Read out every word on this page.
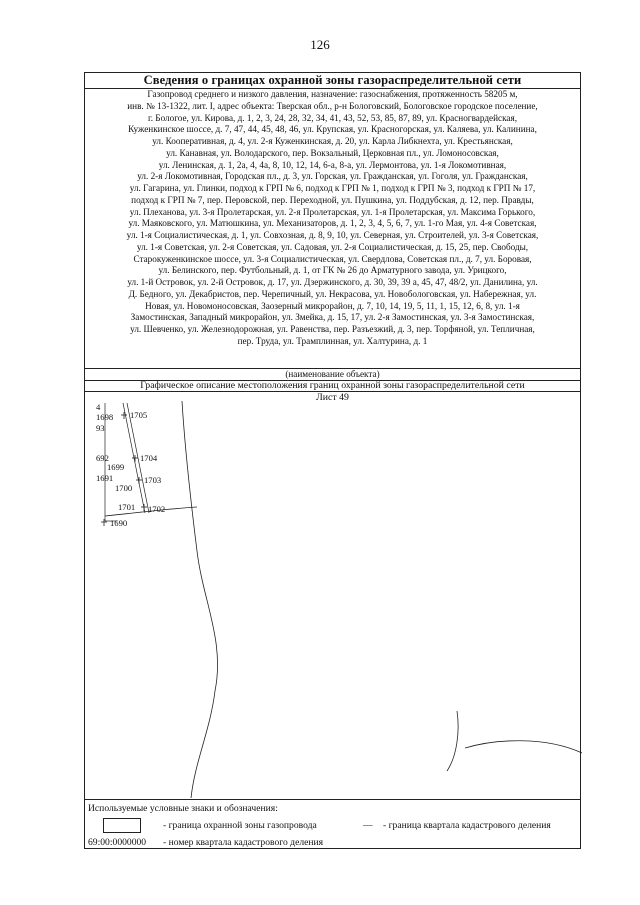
126
Сведения о границах охранной зоны газораспределительной сети
Газопровод среднего и низкого давления, назначение: газоснабжения, протяженность 58205 м,
инв. № 13-1322, лит. I, адрес объекта: Тверская обл., р-н Бологовский, Бологовское городское поселение,
г. Бологое, ул. Кирова, д. 1, 2, 3, 24, 28, 32, 34, 41, 43, 52, 53, 85, 87, 89, ул. Красногвардейская,
Куженкинское шоссе, д. 7, 47, 44, 45, 48, 46, ул. Крупская, ул. Красногорская, ул. Каляева, ул. Калинина,
ул. Кооперативная, д. 4, ул. 2-я Куженкинская, д. 20, ул. Карла Либкнехта, ул. Крестьянская,
ул. Канавная, ул. Володарского, пер. Вокзальный, Церковная пл., ул. Ломоносовская,
ул. Ленинская, д. 1, 2а, 4, 4а, 8, 10, 12, 14, 6-а, 8-а, ул. Лермонтова, ул. 1-я Локомотивная,
ул. 2-я Локомотивная, Городская пл., д. 3, ул. Горская, ул. Гражданская, ул. Гоголя, ул. Гражданская,
ул. Гагарина, ул. Глинки, подход к ГРП № 6, подход к ГРП № 1, подход к ГРП № 3, подход к ГРП № 17,
подход к ГРП № 7, пер. Перовской, пер. Переходной, ул. Пушкина, ул. Поддубская, д. 12, пер. Правды,
ул. Плеханова, ул. 3-я Пролетарская, ул. 2-я Пролетарская, ул. 1-я Пролетарская, ул. Максима Горького,
ул. Маяковского, ул. Матюшкина, ул. Механизаторов, д. 1, 2, 3, 4, 5, 6, 7, ул. 1-го Мая, ул. 4-я Советская,
ул. 1-я Социалистическая, д. 1, ул. Совхозная, д. 8, 9, 10, ул. Северная, ул. Строителей, ул. 3-я Советская,
ул. 1-я Советская, ул. 2-я Советская, ул. Садовая, ул. 2-я Социалистическая, д. 15, 25, пер. Свободы,
Старокуженкинское шоссе, ул. 3-я Социалистическая, ул. Свердлова, Советская пл., д. 7, ул. Боровая,
ул. Белинского, пер. Футбольный, д. 1, от ГК № 26 до Арматурного завода, ул. Урицкого,
ул. 1-й Островок, ул. 2-й Островок, д. 17, ул. Дзержинского, д. 30, 39, 39 а, 45, 47, 48/2, ул. Данилина, ул.
Д. Бедного, ул. Декабристов, пер. Черепичный, ул. Некрасова, ул. Новобологовская, ул. Набережная, ул.
Новая, ул. Новомоносовская, Заозерный микрорайон, д. 7, 10, 14, 19, 5, 11, 1, 15, 12, 6, 8, ул. 1-я
Замостинская, Западный микрорайон, ул. Змейка, д. 15, 17, ул. 2-я Замостинская, ул. 3-я Замостинская,
ул. Шевченко, ул. Железнодорожная, ул. Равенства, пер. Разъезжий, д. 3, пер. Торфяной, ул. Тепличная,
пер. Труда, ул. Трамплинная, ул. Халтурина, д. 1
(наименование объекта)
Графическое описание местоположения границ охранной зоны газораспределительной сети
4
1698 1705
93
692	1704
1699
1691	1703
1700
1701 1702
1690
Лист 49
Используемые условные знаки и обозначения:
- граница охранной зоны газопровода	— - граница квартала кадастрового деления
69:00:0000000 - номер квартала кадастрового деления
